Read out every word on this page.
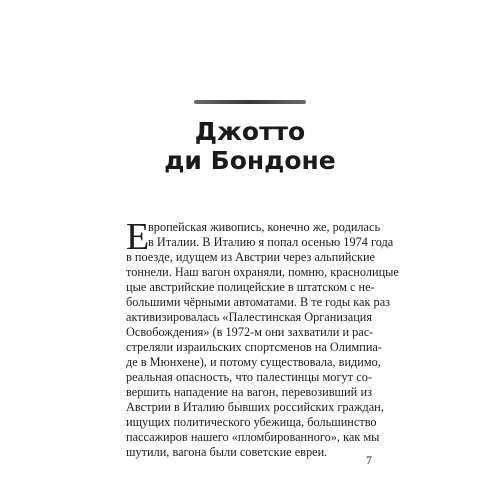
Джотто
ди Бондоне
Е
вропейская живопись, конечно же, родилась
в Италии. В Италию я попал осенью 1974 года
в поезде, идущем из Австрии через альпийские
тоннели. Наш вагон охраняли, помню, краснолицые
цые австрийские полицейские в штатском с не-
большими чёрными автоматами. В те годы как раз
активизировалась «Палестинская Организация
Освобождения» (в 1972-м они захватили и рас-
стреляли израильских спортсменов на Олимпиа-
де в Мюнхене), и потому существовала, видимо,
реальная опасность, что палестинцы могут со-
вершить нападение на вагон, перевозивший из
Австрии в Италию бывших российских граждан,
ищущих политического убежища, большинство
пассажиров нашего «пломбированного», как мы
шутили, вагона были советские евреи.
7
